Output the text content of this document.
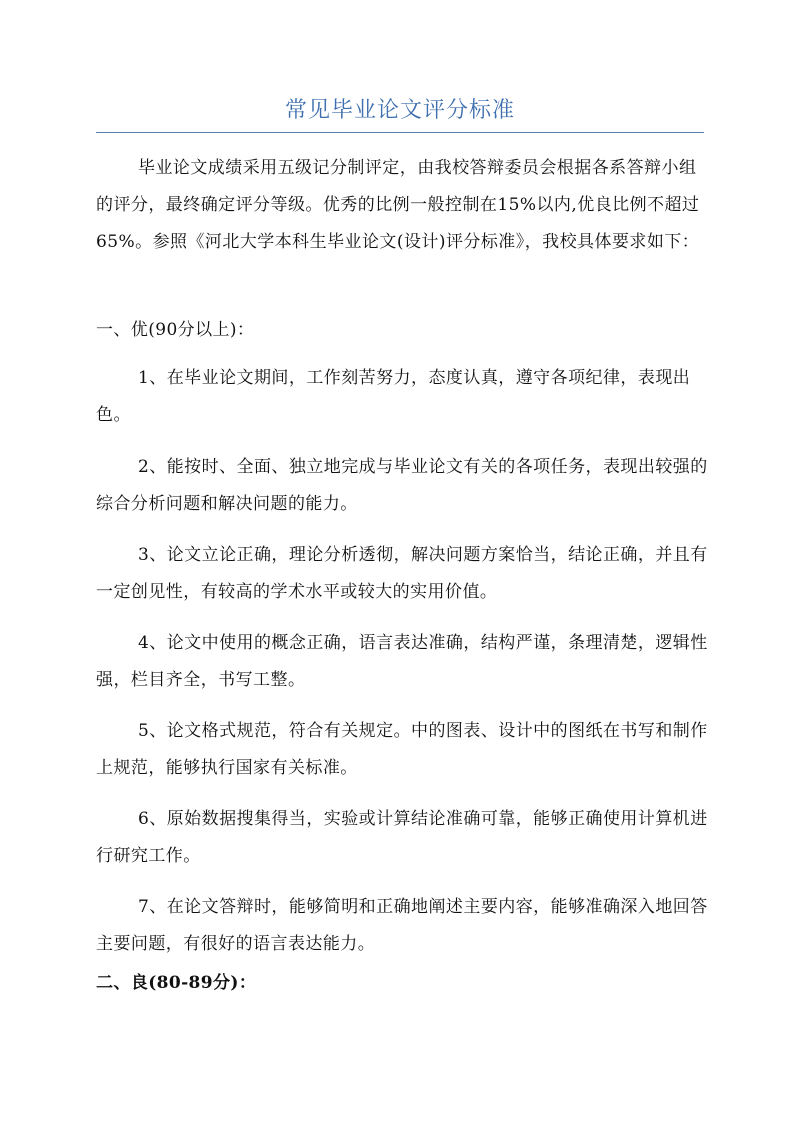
常见毕业论文评分标准

毕业论文成绩采用五级记分制评定，由我校答辩委员会根据各系答辩小组的评分，最终确定评分等级。优秀的比例一般控制在15%以内,优良比例不超过65%。参照《河北大学本科生毕业论文(设计)评分标准》，我校具体要求如下：

一、优(90分以上)：

1、在毕业论文期间，工作刻苦努力，态度认真，遵守各项纪律，表现出色。

2、能按时、全面、独立地完成与毕业论文有关的各项任务，表现出较强的综合分析问题和解决问题的能力。

3、论文立论正确，理论分析透彻，解决问题方案恰当，结论正确，并且有一定创见性，有较高的学术水平或较大的实用价值。

4、论文中使用的概念正确，语言表达准确，结构严谨，条理清楚，逻辑性强，栏目齐全，书写工整。

5、论文格式规范，符合有关规定。中的图表、设计中的图纸在书写和制作上规范，能够执行国家有关标准。

6、原始数据搜集得当，实验或计算结论准确可靠，能够正确使用计算机进行研究工作。

7、在论文答辩时，能够简明和正确地阐述主要内容，能够准确深入地回答主要问题，有很好的语言表达能力。

二、良(80-89分)：
